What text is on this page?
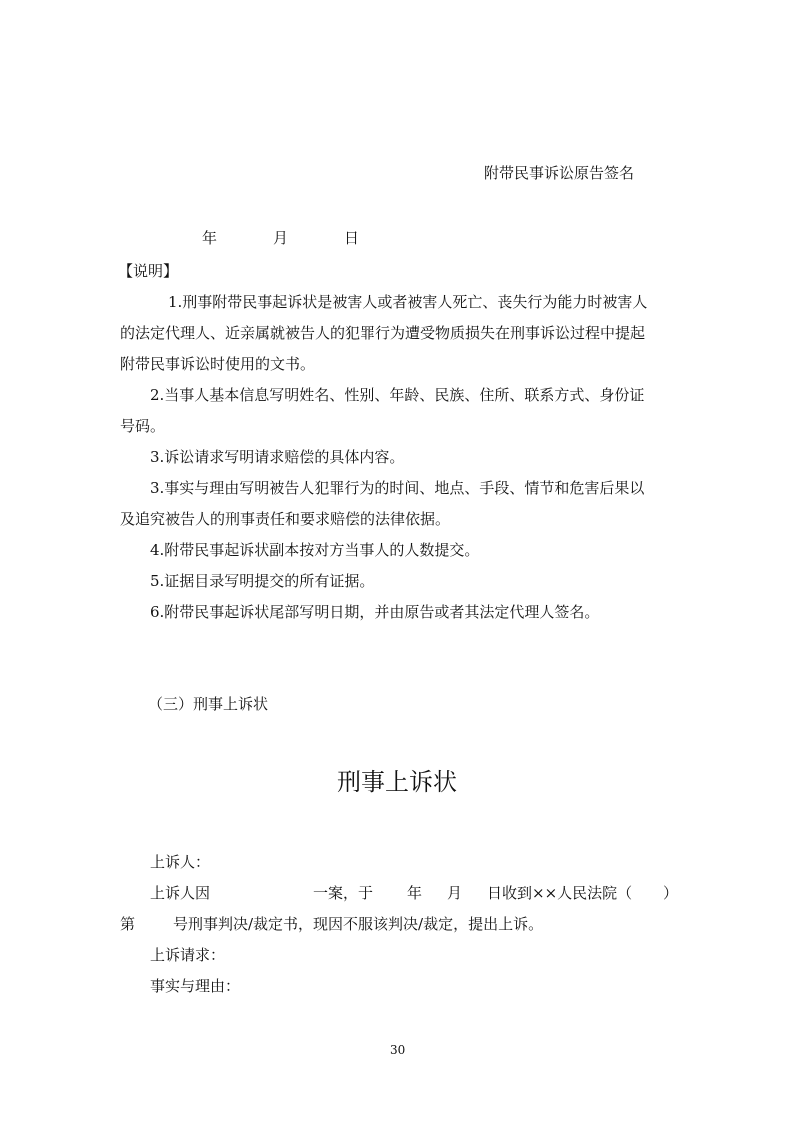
附带民事诉讼原告签名
年	月	日
【说明】
1.刑事附带民事起诉状是被害人或者被害人死亡、丧失行为能力时被害人
的法定代理人、近亲属就被告人的犯罪行为遭受物质损失在刑事诉讼过程中提起
附带民事诉讼时使用的文书。
2.当事人基本信息写明姓名、性别、年龄、民族、住所、联系方式、身份证
号码。
3.诉讼请求写明请求赔偿的具体内容。
3.事实与理由写明被告人犯罪行为的时间、地点、手段、情节和危害后果以
及追究被告人的刑事责任和要求赔偿的法律依据。
4.附带民事起诉状副本按对方当事人的人数提交。
5.证据目录写明提交的所有证据。
6.附带民事起诉状尾部写明日期，并由原告或者其法定代理人签名。
（三）刑事上诉状
刑事上诉状
上诉人：
上诉人因	一案，于 年 月 日收到××人民法院（ ）
第	号刑事判决/裁定书，现因不服该判决/裁定，提出上诉。
上诉请求：
事实与理由：
30
